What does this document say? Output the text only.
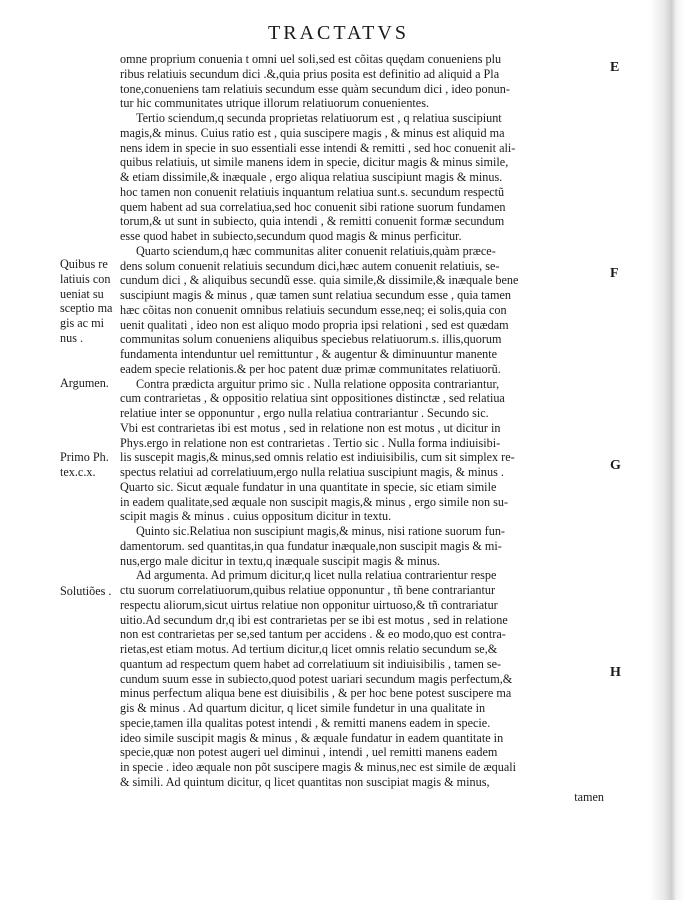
TRACTATVS
E
F
G
H
Quibus re
latiuis con
ueniat su
sceptio ma
gis ac mi
nus .
Argumen.
Primo Ph.
tex.c.x.
Solutiões .
omne proprium conuenia t omni uel soli,sed est cõitas quędam conueniens plu
ribus relatiuis secundum dici .&,quia prius posita est definitio ad aliquid a Pla
tone,conueniens tam relatiuis secundum esse quàm secundum dici , ideo ponun-
tur hic communitates utrique illorum relatiuorum conuenientes.
Tertio sciendum,q secunda proprietas relatiuorum est , q relatiua suscipiunt
magis,& minus. Cuius ratio est , quia suscipere magis , & minus est aliquid ma
nens idem in specie in suo essentiali esse intendi & remitti , sed hoc conuenit ali-
quibus relatiuis, ut simile manens idem in specie, dicitur magis & minus simile,
& etiam dissimile,& inæquale , ergo aliqua relatiua suscipiunt magis & minus.
hoc tamen non conuenit relatiuis inquantum relatiua sunt.s. secundum respectũ
quem habent ad sua correlatiua,sed hoc conuenit sibi ratione suorum fundamen
torum,& ut sunt in subiecto, quia intendi , & remitti conuenit formæ secundum
esse quod habet in subiecto,secundum quod magis & minus perficitur.
Quarto sciendum,q hæc communitas aliter conuenit relatiuis,quàm præce-
dens solum conuenit relatiuis secundum dici,hæc autem conuenit relatiuis, se-
cundum dici , & aliquibus secundũ esse. quia simile,& dissimile,& inæquale bene
suscipiunt magis & minus , quæ tamen sunt relatiua secundum esse , quia tamen
hæc cõitas non conuenit omnibus relatiuis secundum esse,neq; ei solis,quia con
uenit qualitati , ideo non est aliquo modo propria ipsi relationi , sed est quædam
communitas solum conueniens aliquibus speciebus relatiuorum.s. illis,quorum
fundamenta intenduntur uel remittuntur , & augentur & diminuuntur manente
eadem specie relationis.& per hoc patent duæ primæ communitates relatiuorũ.
Contra prædicta arguitur primo sic . Nulla relatione opposita contrariantur,
cum contrarietas , & oppositio relatiua sint oppositiones distinctæ , sed relatiua
relatiue inter se opponuntur , ergo nulla relatiua contrariantur . Secundo sic.
Vbi est contrarietas ibi est motus , sed in relatione non est motus , ut dicitur in
Phys.ergo in relatione non est contrarietas . Tertio sic . Nulla forma indiuisibi-
lis suscepit magis,& minus,sed omnis relatio est indiuisibilis, cum sit simplex re-
spectus relatiui ad correlatiuum,ergo nulla relatiua suscipiunt magis, & minus .
Quarto sic. Sicut æquale fundatur in una quantitate in specie, sic etiam simile
in eadem qualitate,sed æquale non suscipit magis,& minus , ergo simile non su-
scipit magis & minus . cuius oppositum dicitur in textu.
Quinto sic.Relatiua non suscipiunt magis,& minus, nisi ratione suorum fun-
damentorum. sed quantitas,in qua fundatur inæquale,non suscipit magis & mi-
nus,ergo male dicitur in textu,q inæquale suscipit magis & minus.
Ad argumenta. Ad primum dicitur,q licet nulla relatiua contrarientur respe
ctu suorum correlatiuorum,quibus relatiue opponuntur , tñ bene contrariantur
respectu aliorum,sicut uirtus relatiue non opponitur uirtuoso,& tñ contrariatur
uitio.Ad secundum dr,q ibi est contrarietas per se ibi est motus , sed in relatione
non est contrarietas per se,sed tantum per accidens . & eo modo,quo est contra-
rietas,est etiam motus. Ad tertium dicitur,q licet omnis relatio secundum se,&
quantum ad respectum quem habet ad correlatiuum sit indiuisibilis , tamen se-
cundum suum esse in subiecto,quod potest uariari secundum magis perfectum,&
minus perfectum aliqua bene est diuisibilis , & per hoc bene potest suscipere ma
gis & minus . Ad quartum dicitur, q licet simile fundetur in una qualitate in
specie,tamen illa qualitas potest intendi , & remitti manens eadem in specie.
ideo simile suscipit magis & minus , & æquale fundatur in eadem quantitate in
specie,quæ non potest augeri uel diminui , intendi , uel remitti manens eadem
in specie . ideo æquale non põt suscipere magis & minus,nec est simile de æquali
& simili. Ad quintum dicitur, q licet quantitas non suscipiat magis & minus,
tamen
